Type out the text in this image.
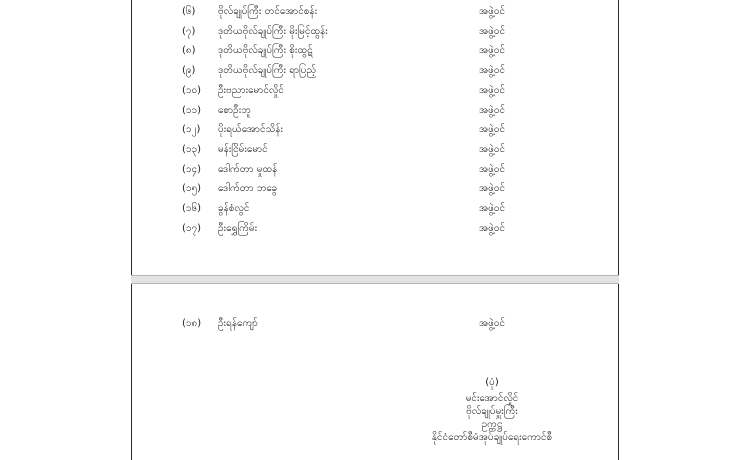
(၆)	ဗိုလ်ချုပ်ကြီး တင်အောင်စန်း	အဖွဲ့ဝင်
(၇)	ဒုတိယဗိုလ်ချုပ်ကြီး မိုးမြင့်ထွန်း	အဖွဲ့ဝင်
(၈)	ဒုတိယဗိုလ်ချုပ်ကြီး စိုးထွဋ်	အဖွဲ့ဝင်
(၉)	ဒုတိယဗိုလ်ချုပ်ကြီး ရာပြည့်	အဖွဲ့ဝင်
(၁၀)	ဦးဗညားမောင်လှိုင်	အဖွဲ့ဝင်
(၁၁)	စောဦးဘူ	အဖွဲ့ဝင်
(၁၂)	ပိုးရယ်အောင်သိန်း	အဖွဲ့ဝင်
(၁၃)	မန်းငြိမ်းမောင်	အဖွဲ့ဝင်
(၁၄)	ဒေါက်တာ မှုထန်	အဖွဲ့ဝင်
(၁၅)	ဒေါက်တာ ဘခွေ	အဖွဲ့ဝင်
(၁၆)	ခွန်စံလွင်	အဖွဲ့ဝင်
(၁၇)	ဦးရွှေကြိမ်း	အဖွဲ့ဝင်
(၁၈)	ဦးရန်ကျော်	အဖွဲ့ဝင်
(ပုံ)
မင်းအောင်လှိုင်
ဗိုလ်ချုပ်မှူးကြီး
ဥက္ကဋ္ဌ
နိုင်ငံတော်စီမံအုပ်ချုပ်ရေးကောင်စီ
